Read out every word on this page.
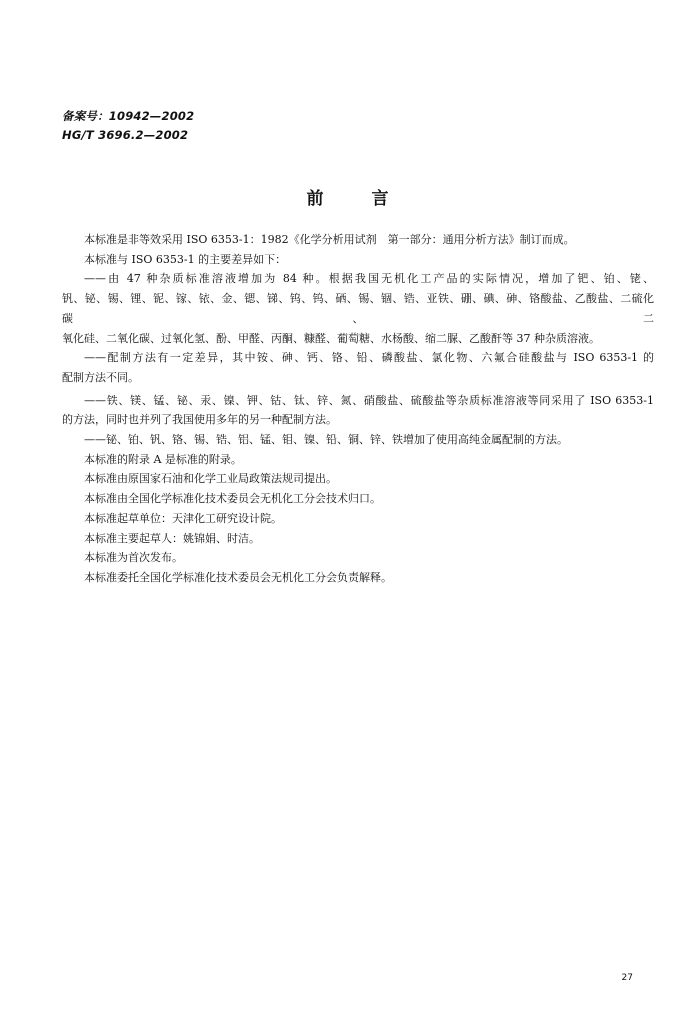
备案号：10942—2002
HG/T 3696.2—2002
前言

本标准是非等效采用 ISO 6353-1：1982《化学分析用试剂　第一部分：通用分析方法》制订而成。

本标准与 ISO 6353-1 的主要差异如下：

——由 47 种杂质标准溶液增加为 84 种。根据我国无机化工产品的实际情况，增加了钯、铂、铑、

钒、铋、锡、锂、铌、镓、铱、金、锶、锑、钨、钨、硒、锡、锢、锆、亚铁、硼、碘、砷、铬酸盐、乙酸盐、二硫化碳、二

氧化硅、二氧化碳、过氧化氢、酚、甲醛、丙酮、糠醛、葡萄糖、水杨酸、缩二脲、乙酸酐等 37 种杂质溶液。

——配制方法有一定差异，其中铵、砷、钙、铬、铅、磷酸盐、氯化物、六氟合硅酸盐与 ISO 6353-1 的

配制方法不同。

——铁、镁、锰、铋、汞、镍、钾、钴、钛、锌、氮、硝酸盐、硫酸盐等杂质标准溶液等同采用了 ISO 6353-1

的方法，同时也并列了我国使用多年的另一种配制方法。

——铋、铂、钒、铬、锡、锆、铝、锰、钼、镍、铅、铜、锌、铁增加了使用高纯金属配制的方法。

本标准的附录 A 是标准的附录。

本标准由原国家石油和化学工业局政策法规司提出。

本标准由全国化学标准化技术委员会无机化工分会技术归口。

本标准起草单位：天津化工研究设计院。

本标准主要起草人：姚锦娟、时洁。

本标准为首次发布。

本标准委托全国化学标准化技术委员会无机化工分会负责解释。

27
